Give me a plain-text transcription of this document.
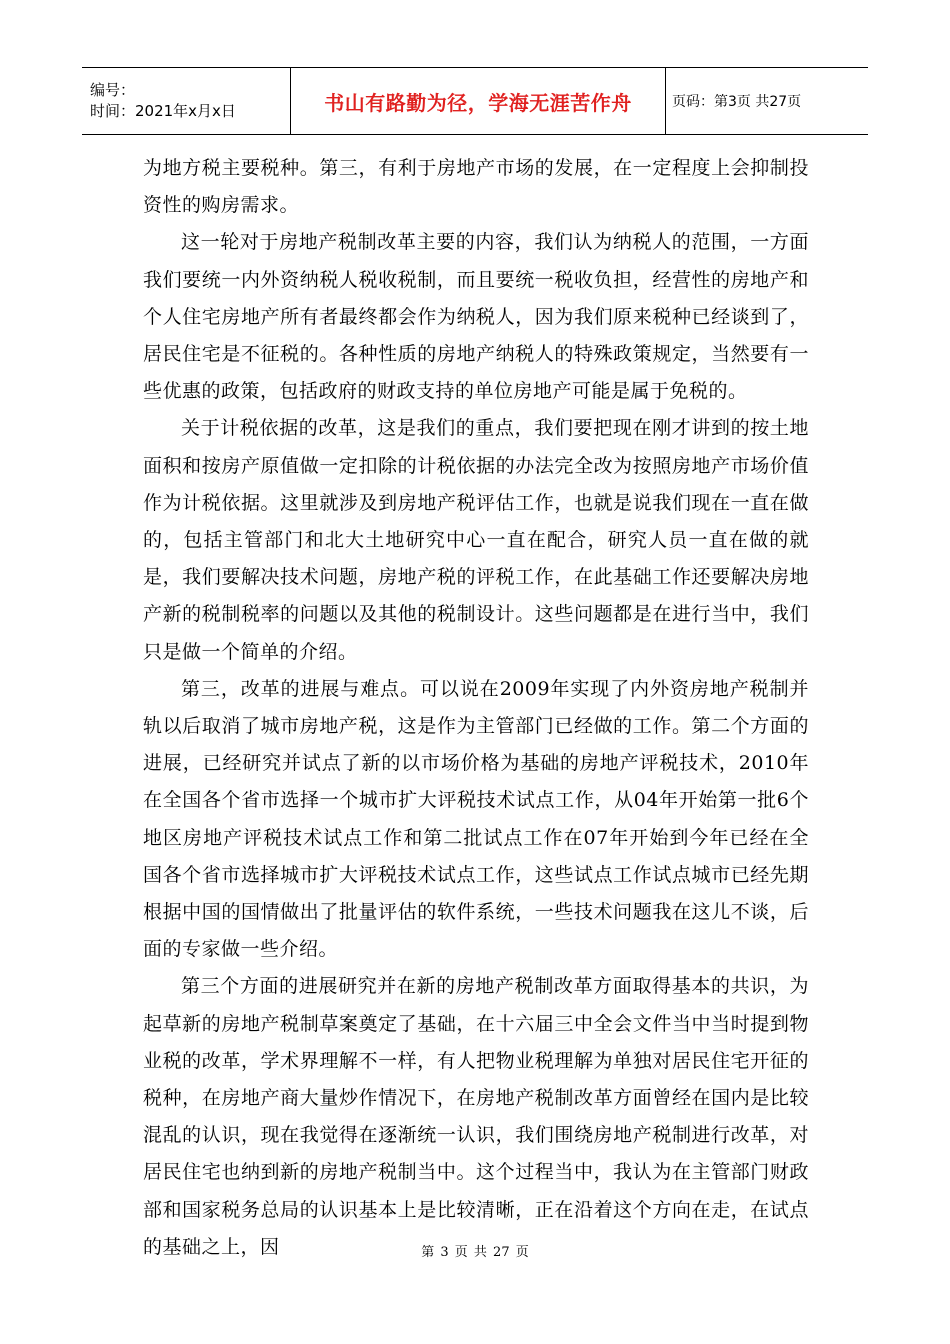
编号：
时间：2021年x月x日	书山有路勤为径，学海无涯苦作舟	页码：第3页 共27页

为地方税主要税种。第三，有利于房地产市场的发展，在一定程度上会抑制投资性的购房需求。

这一轮对于房地产税制改革主要的内容，我们认为纳税人的范围，一方面我们要统一内外资纳税人税收税制，而且要统一税收负担，经营性的房地产和个人住宅房地产所有者最终都会作为纳税人，因为我们原来税种已经谈到了，居民住宅是不征税的。各种性质的房地产纳税人的特殊政策规定，当然要有一些优惠的政策，包括政府的财政支持的单位房地产可能是属于免税的。

关于计税依据的改革，这是我们的重点，我们要把现在刚才讲到的按土地面积和按房产原值做一定扣除的计税依据的办法完全改为按照房地产市场价值作为计税依据。这里就涉及到房地产税评估工作，也就是说我们现在一直在做的，包括主管部门和北大土地研究中心一直在配合，研究人员一直在做的就是，我们要解决技术问题，房地产税的评税工作，在此基础工作还要解决房地产新的税制税率的问题以及其他的税制设计。这些问题都是在进行当中，我们只是做一个简单的介绍。

第三，改革的进展与难点。可以说在2009年实现了内外资房地产税制并轨以后取消了城市房地产税，这是作为主管部门已经做的工作。第二个方面的进展，已经研究并试点了新的以市场价格为基础的房地产评税技术，2010年在全国各个省市选择一个城市扩大评税技术试点工作，从04年开始第一批6个地区房地产评税技术试点工作和第二批试点工作在07年开始到今年已经在全国各个省市选择城市扩大评税技术试点工作，这些试点工作试点城市已经先期根据中国的国情做出了批量评估的软件系统，一些技术问题我在这儿不谈，后面的专家做一些介绍。

第三个方面的进展研究并在新的房地产税制改革方面取得基本的共识，为起草新的房地产税制草案奠定了基础，在十六届三中全会文件当中当时提到物业税的改革，学术界理解不一样，有人把物业税理解为单独对居民住宅开征的税种，在房地产商大量炒作情况下，在房地产税制改革方面曾经在国内是比较混乱的认识，现在我觉得在逐渐统一认识，我们围绕房地产税制进行改革，对居民住宅也纳到新的房地产税制当中。这个过程当中，我认为在主管部门财政部和国家税务总局的认识基本上是比较清晰，正在沿着这个方向在走，在试点的基础之上，因	第 3 页 共 27 页
